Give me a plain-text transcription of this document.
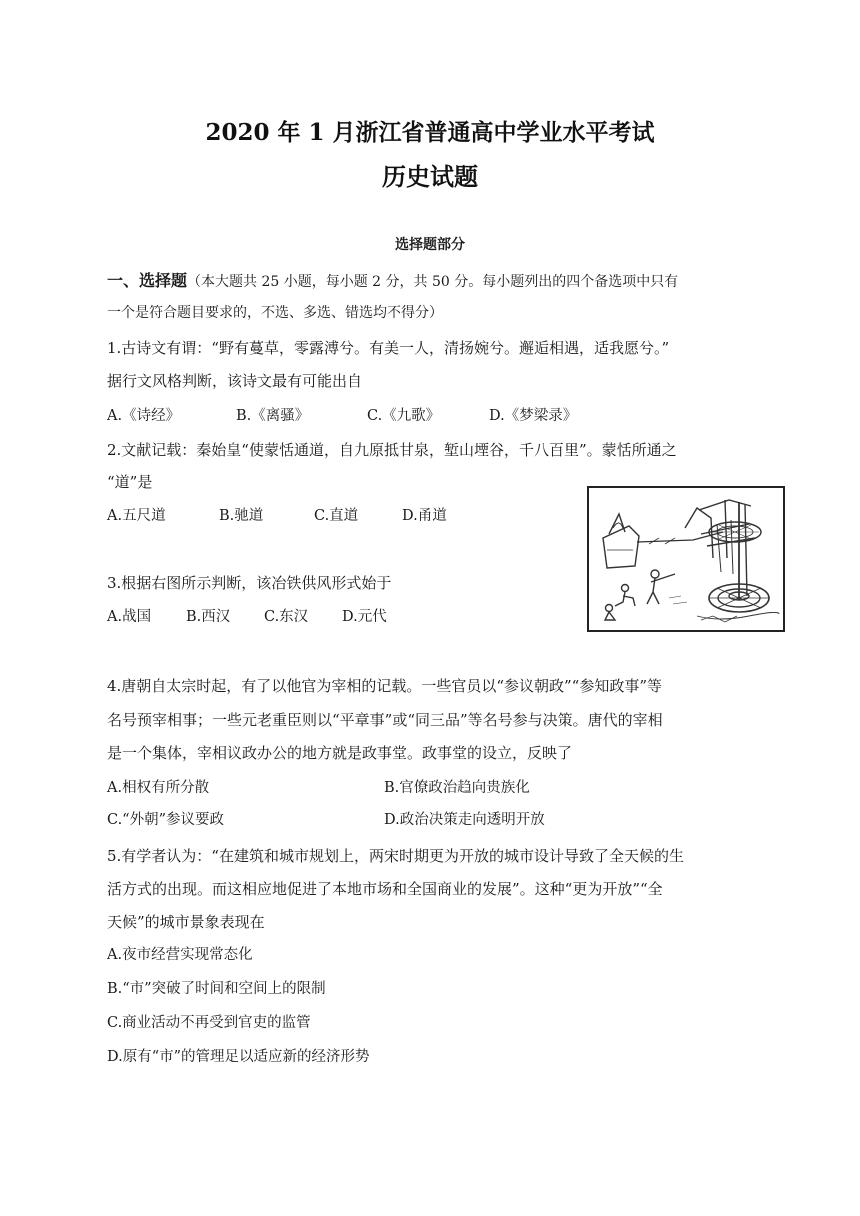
2020 年 1 月浙江省普通高中学业水平考试
历史试题
选择题部分
一、选择题（本大题共 25 小题，每小题 2 分，共 50 分。每小题列出的四个备选项中只有
一个是符合题目要求的，不选、多选、错选均不得分）
1.古诗文有谓：“野有蔓草，零露溥兮。有美一人，清扬婉兮。邂逅相遇，适我愿兮。”
据行文风格判断，该诗文最有可能出自
A.《诗经》	B.《离骚》	C.《九歌》	D.《梦梁录》
2.文献记载：秦始皇“使蒙恬通道，自九原抵甘泉，堑山堙谷，千八百里”。蒙恬所通之
“道”是
A.五尺道	B.驰道	C.直道	D.甬道
3.根据右图所示判断，该冶铁供风形式始于
A.战国 B.西汉 C.东汉 D.元代
4.唐朝自太宗时起，有了以他官为宰相的记载。一些官员以“参议朝政”“参知政事”等
名号预宰相事；一些元老重臣则以“平章事”或“同三品”等名号参与决策。唐代的宰相
是一个集体，宰相议政办公的地方就是政事堂。政事堂的设立，反映了
A.相权有所分散	B.官僚政治趋向贵族化
C.“外朝”参议要政	D.政治决策走向透明开放
5.有学者认为：“在建筑和城市规划上，两宋时期更为开放的城市设计导致了全天候的生
活方式的出现。而这相应地促进了本地市场和全国商业的发展”。这种“更为开放”“全
天候”的城市景象表现在
A.夜市经营实现常态化
B.“市”突破了时间和空间上的限制
C.商业活动不再受到官吏的监管
D.原有“市”的管理足以适应新的经济形势
